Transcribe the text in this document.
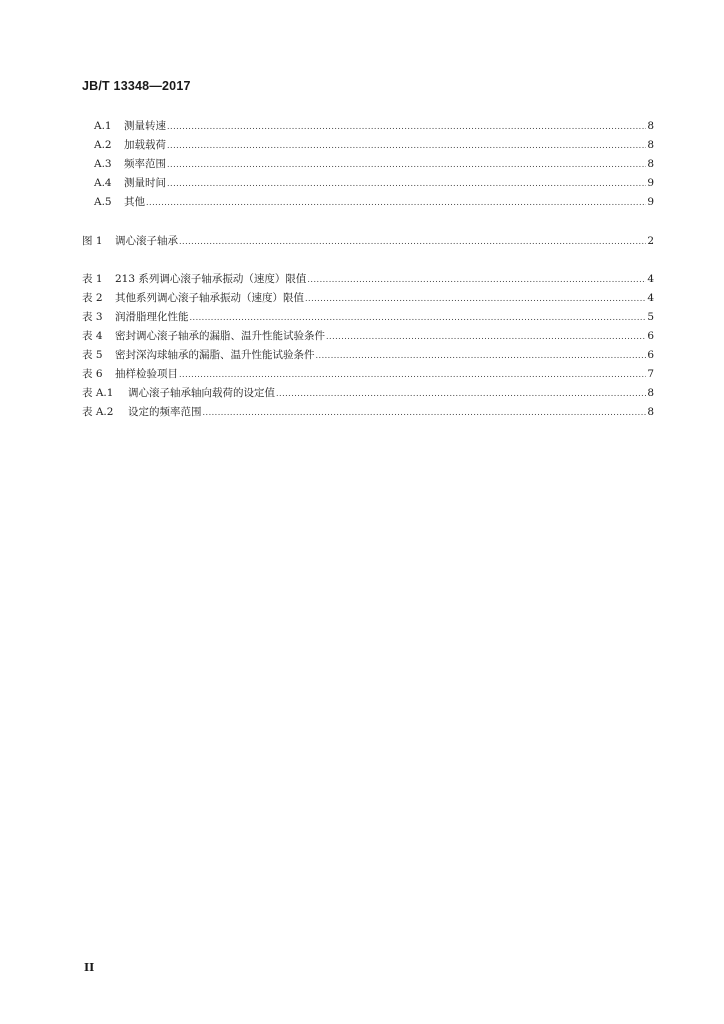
JB/T 13348—2017
A.1	测量转速 .....	8
A.2	加载载荷 .....	8
A.3	频率范围 .....	8
A.4	测量时间 .....	9
A.5	其他 .....	9
图 1	调心滚子轴承 .....	2
表 1	213 系列调心滚子轴承振动（速度）限值 .....	4
表 2	其他系列调心滚子轴承振动（速度）限值 .....	4
表 3	润滑脂理化性能 .....	5
表 4	密封调心滚子轴承的漏脂、温升性能试验条件 .....	6
表 5	密封深沟球轴承的漏脂、温升性能试验条件 .....	6
表 6	抽样检验项目 .....	7
表 A.1	调心滚子轴承轴向载荷的设定值 .....	8
表 A.2	设定的频率范围 .....	8
II
